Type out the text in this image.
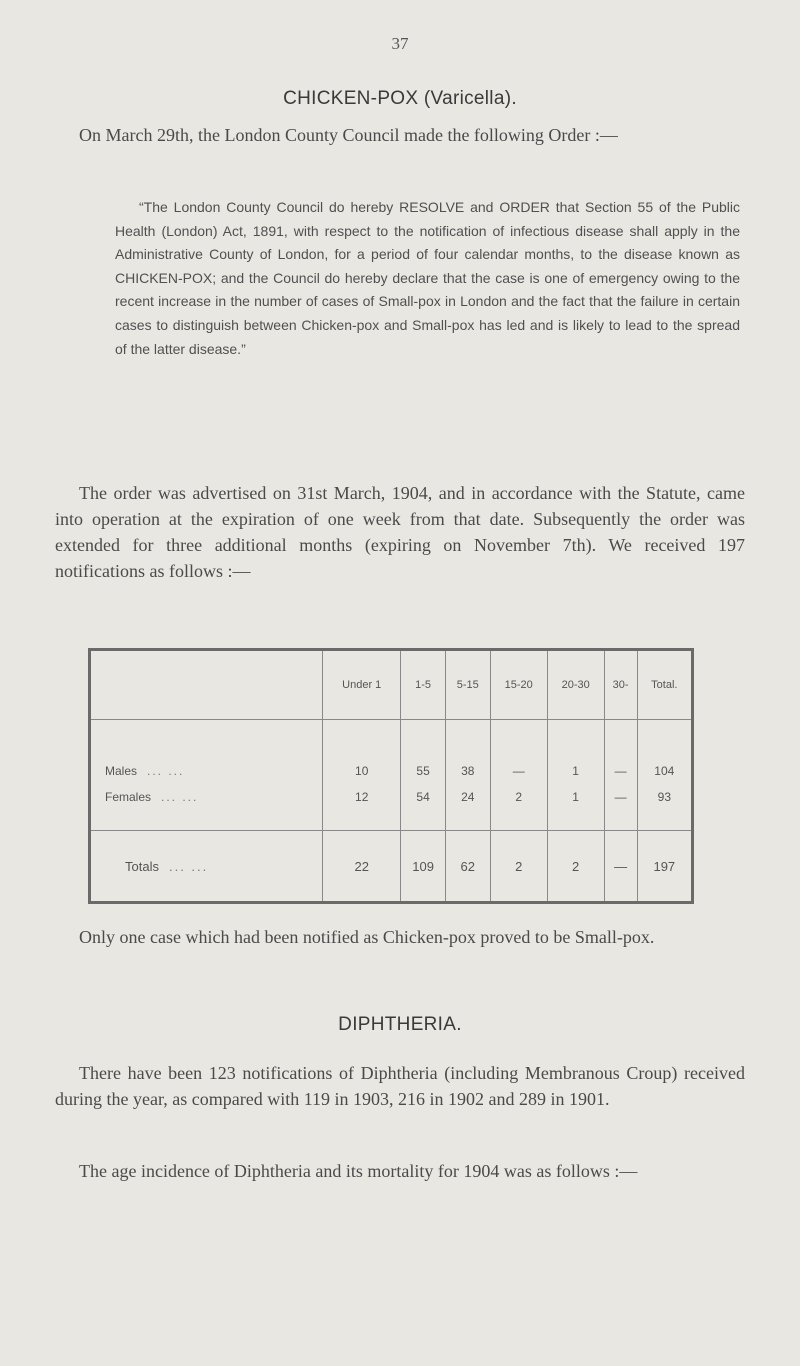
37
CHICKEN-POX (Varicella).
On March 29th, the London County Council made the following Order :—
“The London County Council do hereby RESOLVE and ORDER that Section 55 of the Public Health (London) Act, 1891, with respect to the notification of infectious disease shall apply in the Administrative County of London, for a period of four calendar months, to the disease known as CHICKEN-POX; and the Council do hereby declare that the case is one of emergency owing to the recent increase in the number of cases of Small-pox in London and the fact that the failure in certain cases to distinguish between Chicken-pox and Small-pox has led and is likely to lead to the spread of the latter disease.”
The order was advertised on 31st March, 1904, and in accordance with the Statute, came into operation at the expiration of one week from that date. Subsequently the order was extended for three additional months (expiring on November 7th). We received 197 notifications as follows :—
	Under 1	1-5	5-15	15-20	20-30	30-	Total.
Males ... ...	10	55	38	—	1	—	104
Females ... ...	12	54	24	2	1	—	93
Totals ... ...	22	109	62	2	2	—	197
Only one case which had been notified as Chicken-pox proved to be Small-pox.
DIPHTHERIA.
There have been 123 notifications of Diphtheria (including Membranous Croup) received during the year, as compared with 119 in 1903, 216 in 1902 and 289 in 1901.
The age incidence of Diphtheria and its mortality for 1904 was as follows :—
